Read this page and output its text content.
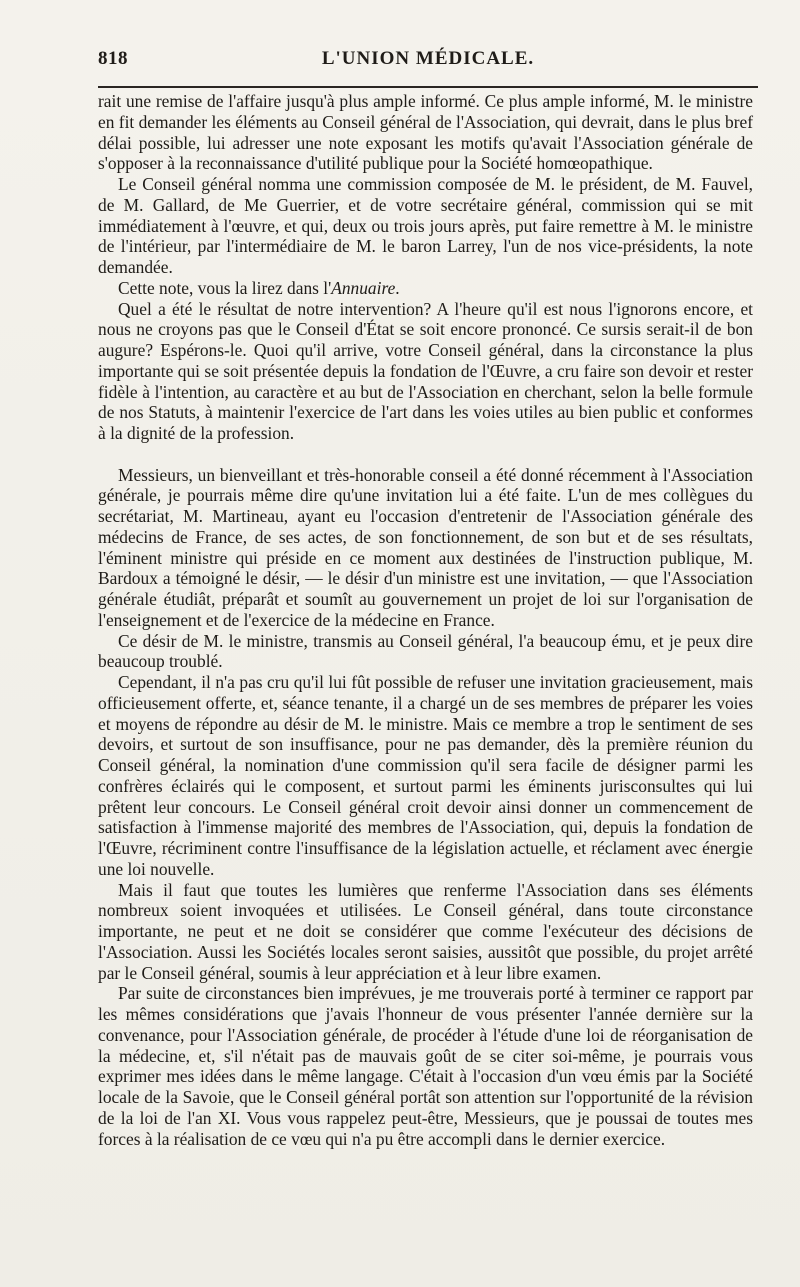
818	L'UNION MÉDICALE.

rait une remise de l'affaire jusqu'à plus ample informé. Ce plus ample informé, M. le ministre en fit demander les éléments au Conseil général de l'Association, qui devrait, dans le plus bref délai possible, lui adresser une note exposant les motifs qu'avait l'Association générale de s'opposer à la reconnaissance d'utilité publique pour la Société homœopathique.

Le Conseil général nomma une commission composée de M. le président, de M. Fauvel, de M. Gallard, de Me Guerrier, et de votre secrétaire général, commission qui se mit immédiatement à l'œuvre, et qui, deux ou trois jours après, put faire remettre à M. le ministre de l'intérieur, par l'intermédiaire de M. le baron Larrey, l'un de nos vice-présidents, la note demandée.

Cette note, vous la lirez dans l'Annuaire.

Quel a été le résultat de notre intervention? A l'heure qu'il est nous l'ignorons encore, et nous ne croyons pas que le Conseil d'État se soit encore prononcé. Ce sursis serait-il de bon augure? Espérons-le. Quoi qu'il arrive, votre Conseil général, dans la circonstance la plus importante qui se soit présentée depuis la fondation de l'Œuvre, a cru faire son devoir et rester fidèle à l'intention, au caractère et au but de l'Association en cherchant, selon la belle formule de nos Statuts, à maintenir l'exercice de l'art dans les voies utiles au bien public et conformes à la dignité de la profession.

Messieurs, un bienveillant et très-honorable conseil a été donné récemment à l'Association générale, je pourrais même dire qu'une invitation lui a été faite. L'un de mes collègues du secrétariat, M. Martineau, ayant eu l'occasion d'entretenir de l'Association générale des médecins de France, de ses actes, de son fonctionnement, de son but et de ses résultats, l'éminent ministre qui préside en ce moment aux destinées de l'instruction publique, M. Bardoux a témoigné le désir, — le désir d'un ministre est une invitation, — que l'Association générale étudiât, préparât et soumît au gouvernement un projet de loi sur l'organisation de l'enseignement et de l'exercice de la médecine en France.

Ce désir de M. le ministre, transmis au Conseil général, l'a beaucoup ému, et je peux dire beaucoup troublé.

Cependant, il n'a pas cru qu'il lui fût possible de refuser une invitation gracieusement, mais officieusement offerte, et, séance tenante, il a chargé un de ses membres de préparer les voies et moyens de répondre au désir de M. le ministre. Mais ce membre a trop le sentiment de ses devoirs, et surtout de son insuffisance, pour ne pas demander, dès la première réunion du Conseil général, la nomination d'une commission qu'il sera facile de désigner parmi les confrères éclairés qui le composent, et surtout parmi les éminents jurisconsultes qui lui prêtent leur concours. Le Conseil général croit devoir ainsi donner un commencement de satisfaction à l'immense majorité des membres de l'Association, qui, depuis la fondation de l'Œuvre, récriminent contre l'insuffisance de la législation actuelle, et réclament avec énergie une loi nouvelle.

Mais il faut que toutes les lumières que renferme l'Association dans ses éléments nombreux soient invoquées et utilisées. Le Conseil général, dans toute circonstance importante, ne peut et ne doit se considérer que comme l'exécuteur des décisions de l'Association. Aussi les Sociétés locales seront saisies, aussitôt que possible, du projet arrêté par le Conseil général, soumis à leur appréciation et à leur libre examen.

Par suite de circonstances bien imprévues, je me trouverais porté à terminer ce rapport par les mêmes considérations que j'avais l'honneur de vous présenter l'année dernière sur la convenance, pour l'Association générale, de procéder à l'étude d'une loi de réorganisation de la médecine, et, s'il n'était pas de mauvais goût de se citer soi-même, je pourrais vous exprimer mes idées dans le même langage. C'était à l'occasion d'un vœu émis par la Société locale de la Savoie, que le Conseil général portât son attention sur l'opportunité de la révision de la loi de l'an XI. Vous vous rappelez peut-être, Messieurs, que je poussai de toutes mes forces à la réalisation de ce vœu qui n'a pu être accompli dans le dernier exercice.
